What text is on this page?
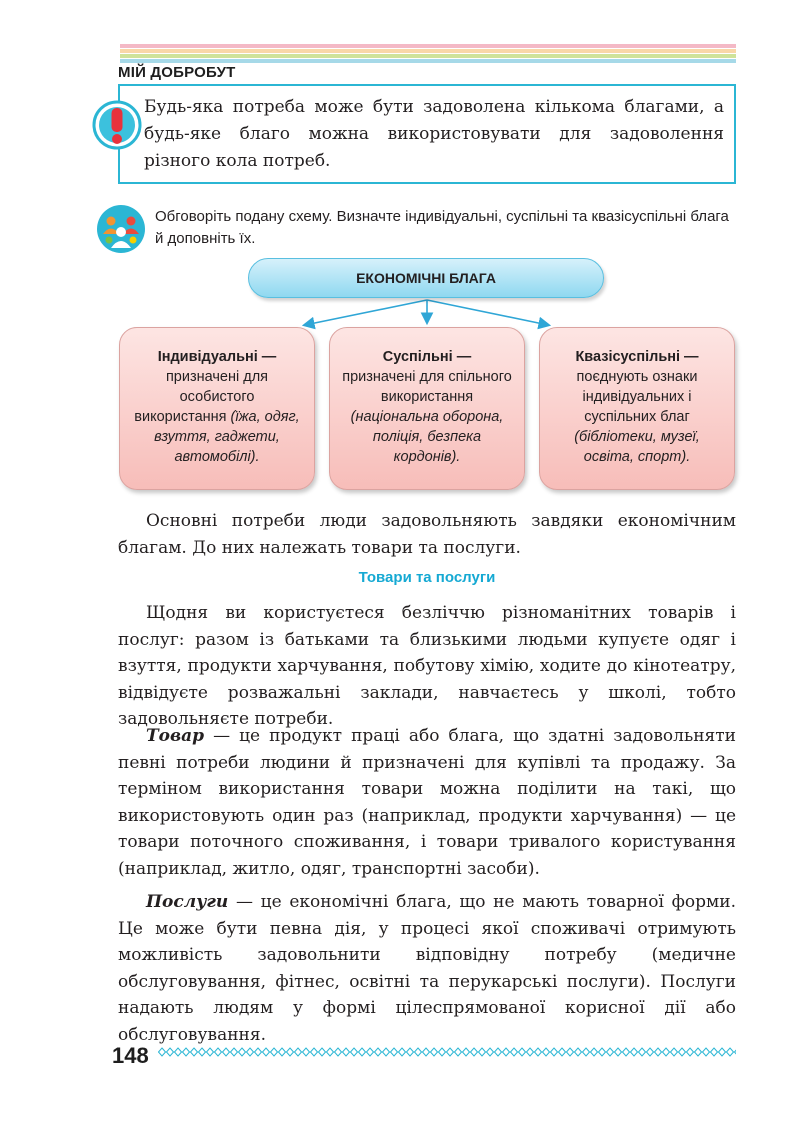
МІЙ ДОБРОБУТ
Будь-яка потреба може бути задоволена кількома благами, а будь-яке благо можна використовувати для задоволення різного кола потреб.
Обговоріть подану схему. Визначте індивідуальні, суспільні та квазісуспільні блага й доповніть їх.
ЕКОНОМІЧНІ БЛАГА
Індивідуальні —
призначені для особистого використання (їжа, одяг, взуття, гаджети, автомобілі).
Суспільні —
призначені для спільного використання (національна оборона, поліція, безпека кордонів).
Квазісуспільні —
поєднують ознаки індивідуальних і суспільних благ (бібліотеки, музеї, освіта, спорт).
Основні потреби люди задовольняють завдяки економічним благам. До них належать товари та послуги.
Товари та послуги
Щодня ви користуєтеся безліччю різноманітних товарів і послуг: разом із батьками та близькими людьми купуєте одяг і взуття, продукти харчування, побутову хімію, ходите до кінотеатру, відвідуєте розважальні заклади, навчаєтесь у школі, тобто задовольняєте потреби.
Товар — це продукт праці або блага, що здатні задовольняти певні потреби людини й призначені для купівлі та продажу. За терміном використання товари можна поділити на такі, що використовують один раз (наприклад, продукти харчування) — це товари поточного споживання, і товари тривалого користування (наприклад, житло, одяг, транспортні засоби).
Послуги — це економічні блага, що не мають товарної форми. Це може бути певна дія, у процесі якої споживачі отримують можливість задовольнити відповідну потребу (медичне обслуговування, фітнес, освітні та перукарські послуги). Послуги надають людям у формі цілеспрямованої корисної дії або обслуговування.
148
